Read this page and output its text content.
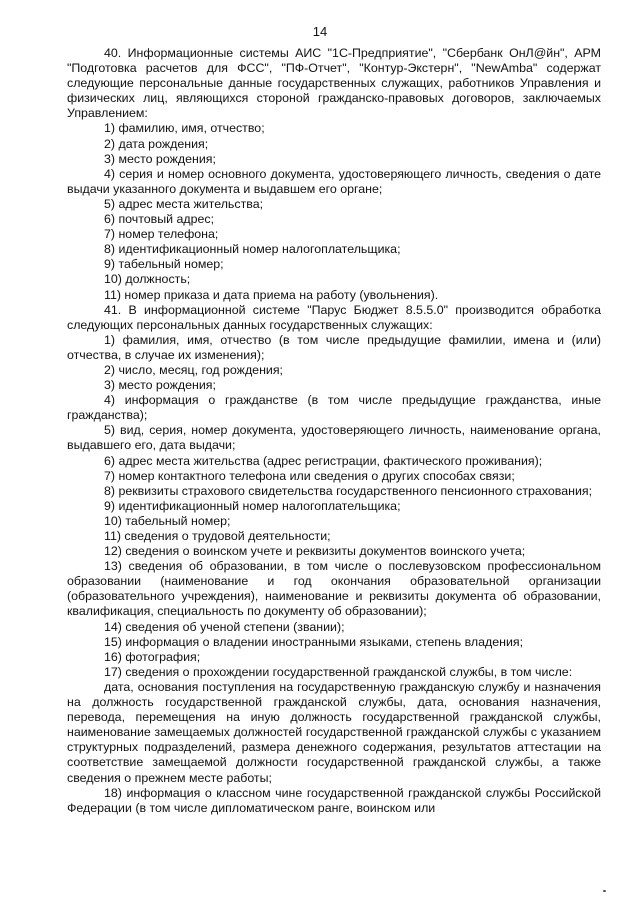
14

40. Информационные системы АИС "1С-Предприятие", "Сбербанк ОнЛ@йн", АРМ "Подготовка расчетов для ФСС", "ПФ-Отчет", "Контур-Экстерн", "NewAmba" содержат следующие персональные данные государственных служащих, работников Управления и физических лиц, являющихся стороной гражданско-правовых договоров, заключаемых Управлением:

1) фамилию, имя, отчество;

2) дата рождения;

3) место рождения;

4) серия и номер основного документа, удостоверяющего личность, сведения о дате выдачи указанного документа и выдавшем его органе;

5) адрес места жительства;

6) почтовый адрес;

7) номер телефона;

8) идентификационный номер налогоплательщика;

9) табельный номер;

10) должность;

11) номер приказа и дата приема на работу (увольнения).

41. В информационной системе "Парус Бюджет 8.5.5.0" производится обработка следующих персональных данных государственных служащих:

1) фамилия, имя, отчество (в том числе предыдущие фамилии, имена и (или) отчества, в случае их изменения);

2) число, месяц, год рождения;

3) место рождения;

4) информация о гражданстве (в том числе предыдущие гражданства, иные гражданства);

5) вид, серия, номер документа, удостоверяющего личность, наименование органа, выдавшего его, дата выдачи;

6) адрес места жительства (адрес регистрации, фактического проживания);

7) номер контактного телефона или сведения о других способах связи;

8) реквизиты страхового свидетельства государственного пенсионного страхования;

9) идентификационный номер налогоплательщика;

10) табельный номер;

11) сведения о трудовой деятельности;

12) сведения о воинском учете и реквизиты документов воинского учета;

13) сведения об образовании, в том числе о послевузовском профессиональном образовании (наименование и год окончания образовательной организации (образовательного учреждения), наименование и реквизиты документа об образовании, квалификация, специальность по документу об образовании);

14) сведения об ученой степени (звании);

15) информация о владении иностранными языками, степень владения;

16) фотография;

17) сведения о прохождении государственной гражданской службы, в том числе:

дата, основания поступления на государственную гражданскую службу и назначения на должность государственной гражданской службы, дата, основания назначения, перевода, перемещения на иную должность государственной гражданской службы, наименование замещаемых должностей государственной гражданской службы с указанием структурных подразделений, размера денежного содержания, результатов аттестации на соответствие замещаемой должности государственной гражданской службы, а также сведения о прежнем месте работы;

18) информация о классном чине государственной гражданской службы Российской Федерации (в том числе дипломатическом ранге, воинском или
